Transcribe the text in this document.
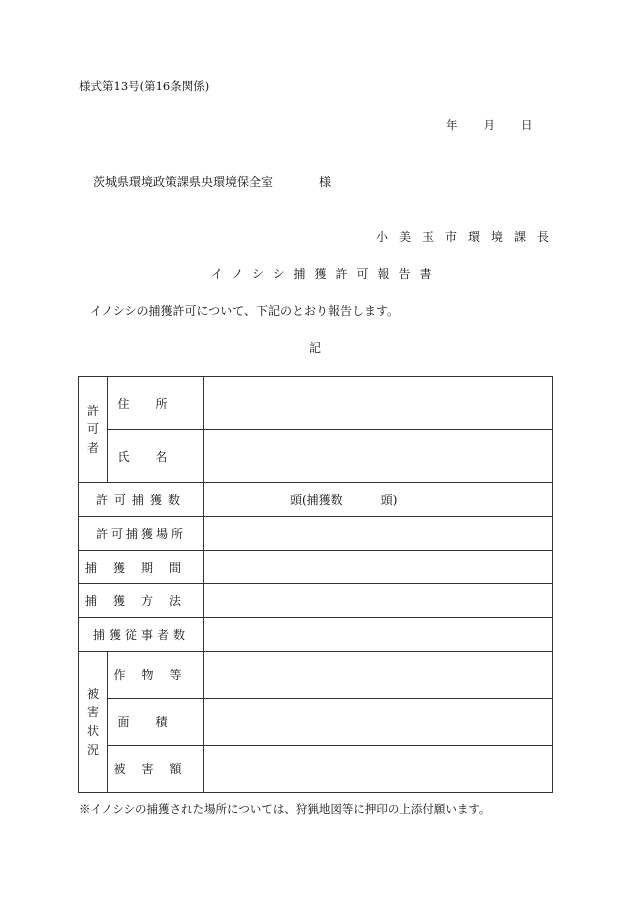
様式第13号(第16条関係)
年 月 日
茨城県環境政策課県央環境保全室	様
小美玉市環境課長
イノシシ捕獲許可報告書
イノシシの捕獲許可について、下記のとおり報告します。
記
許
可
者	住所	
	氏名	
許可捕獲数		頭(捕獲数 頭)
許可捕獲場所		
捕獲期間		
捕獲方法		
捕獲従事者数		

被
害
状
況	作物等	
	面積	
	被害額	
※イノシシの捕獲された場所については、狩猟地図等に押印の上添付願います。
